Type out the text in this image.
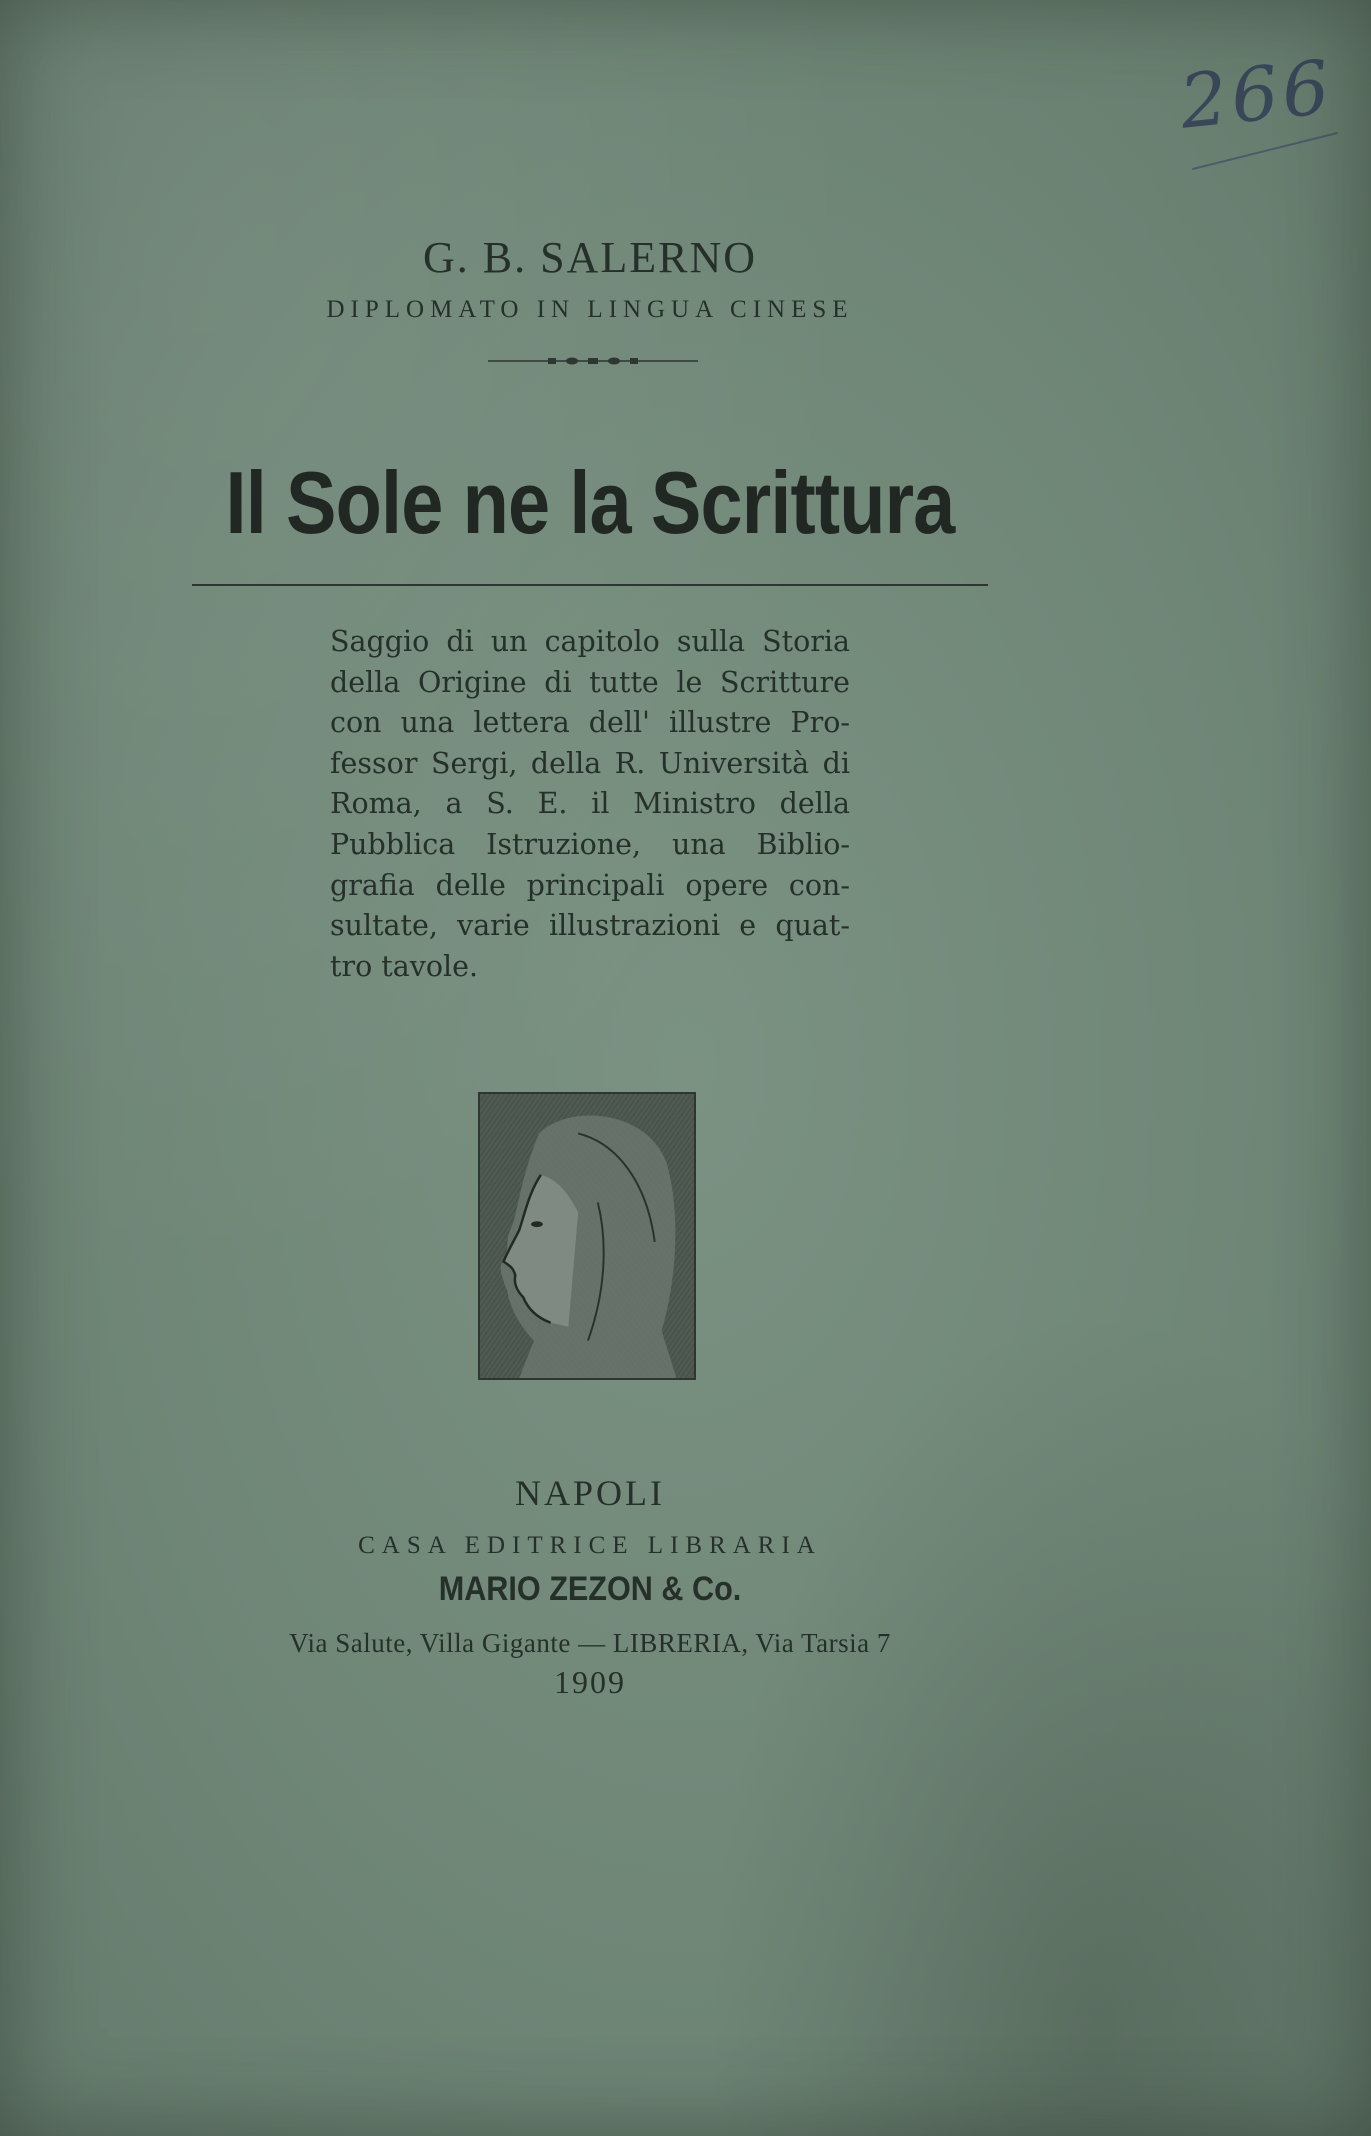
266
G. B. SALERNO
DIPLOMATO IN LINGUA CINESE
Il Sole ne la Scrittura
Saggio di un capitolo sulla Storia
della Origine di tutte le Scritture
con una lettera dell' illustre Pro-
fessor Sergi, della R. Università di
Roma, a S. E. il Ministro della
Pubblica Istruzione, una Biblio-
grafia delle principali opere con-
sultate, varie illustrazioni e quat-
tro tavole.
NAPOLI
CASA EDITRICE LIBRARIA
MARIO ZEZON & Co.
Via Salute, Villa Gigante — LIBRERIA, Via Tarsia 7
1909
